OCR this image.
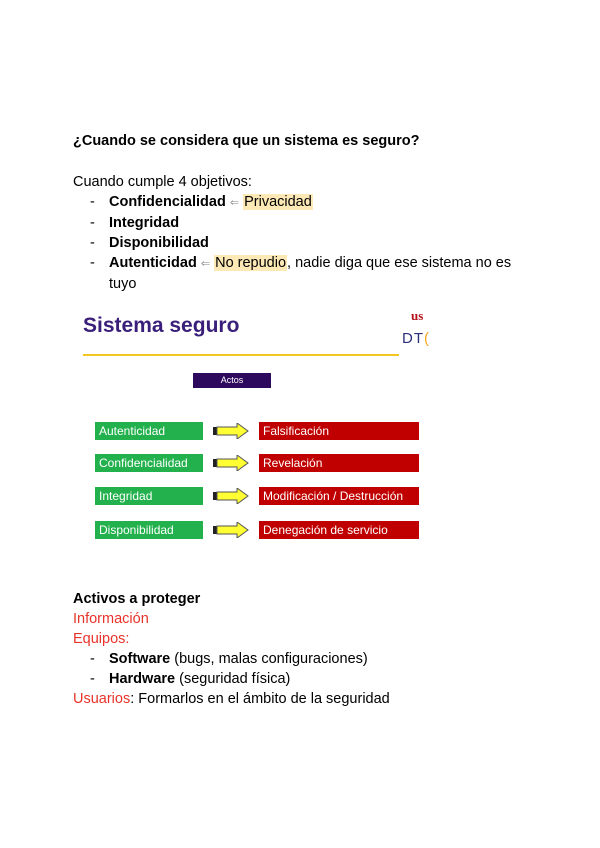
¿Cuando se considera que un sistema es seguro?
Cuando cumple 4 objetivos:
- Confidencialidad ⇐ Privacidad
- Integridad
- Disponibilidad
- Autenticidad ⇐ No repudio, nadie diga que ese sistema no es tuyo
Sistema seguro	us
DT(
Actos
Autenticidad	Falsificación
Confidencialidad	Revelación
Integridad	Modificación / Destrucción
Disponibilidad	Denegación de servicio
Activos a proteger
Información
Equipos:
- Software (bugs, malas configuraciones)
- Hardware (seguridad física)
Usuarios: Formarlos en el ámbito de la seguridad
